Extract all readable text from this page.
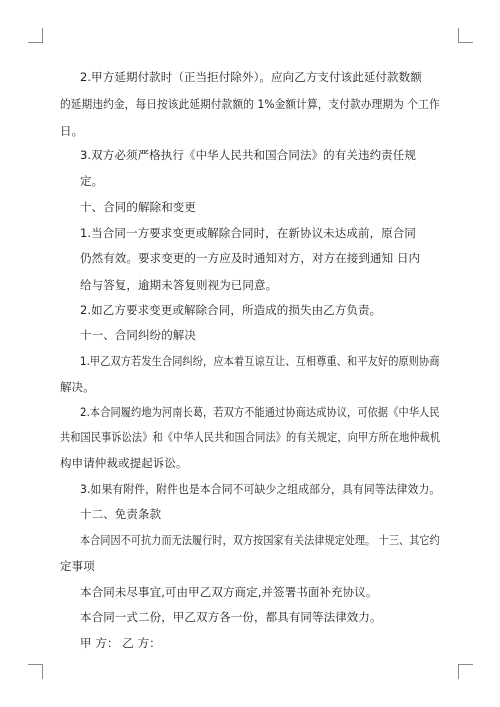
2.甲方延期付款时（正当拒付除外）。应向乙方支付该此延付款数额
的延期违约金，每日按该此延期付款额的 1%金额计算，支付款办理期为 个工作
日。
3.双方必须严格执行《中华人民共和国合同法》的有关违约责任规
定。
十、合同的解除和变更
1.当合同一方要求变更或解除合同时，在新协议未达成前，原合同
仍然有效。要求变更的一方应及时通知对方，对方在接到通知 日内
给与答复，逾期未答复则视为已同意。
2.如乙方要求变更或解除合同，所造成的损失由乙方负责。
十一、合同纠纷的解决
1.甲乙双方若发生合同纠纷，应本着互谅互让、互相尊重、和平友好的原则协商
解决。
2.本合同履约地为河南长葛，若双方不能通过协商达成协议，可依据《中华人民
共和国民事诉讼法》和《中华人民共和国合同法》的有关规定，向甲方所在地仲裁机
构申请仲裁或提起诉讼。
3.如果有附件，附件也是本合同不可缺少之组成部分，具有同等法律效力。
十二、免责条款
本合同因不可抗力而无法履行时，双方按国家有关法律规定处理。 十三、其它约
定事项
本合同未尽事宜,可由甲乙双方商定,并签署书面补充协议。
本合同一式二份，甲乙双方各一份，都具有同等法律效力。
甲 方： 乙 方：
